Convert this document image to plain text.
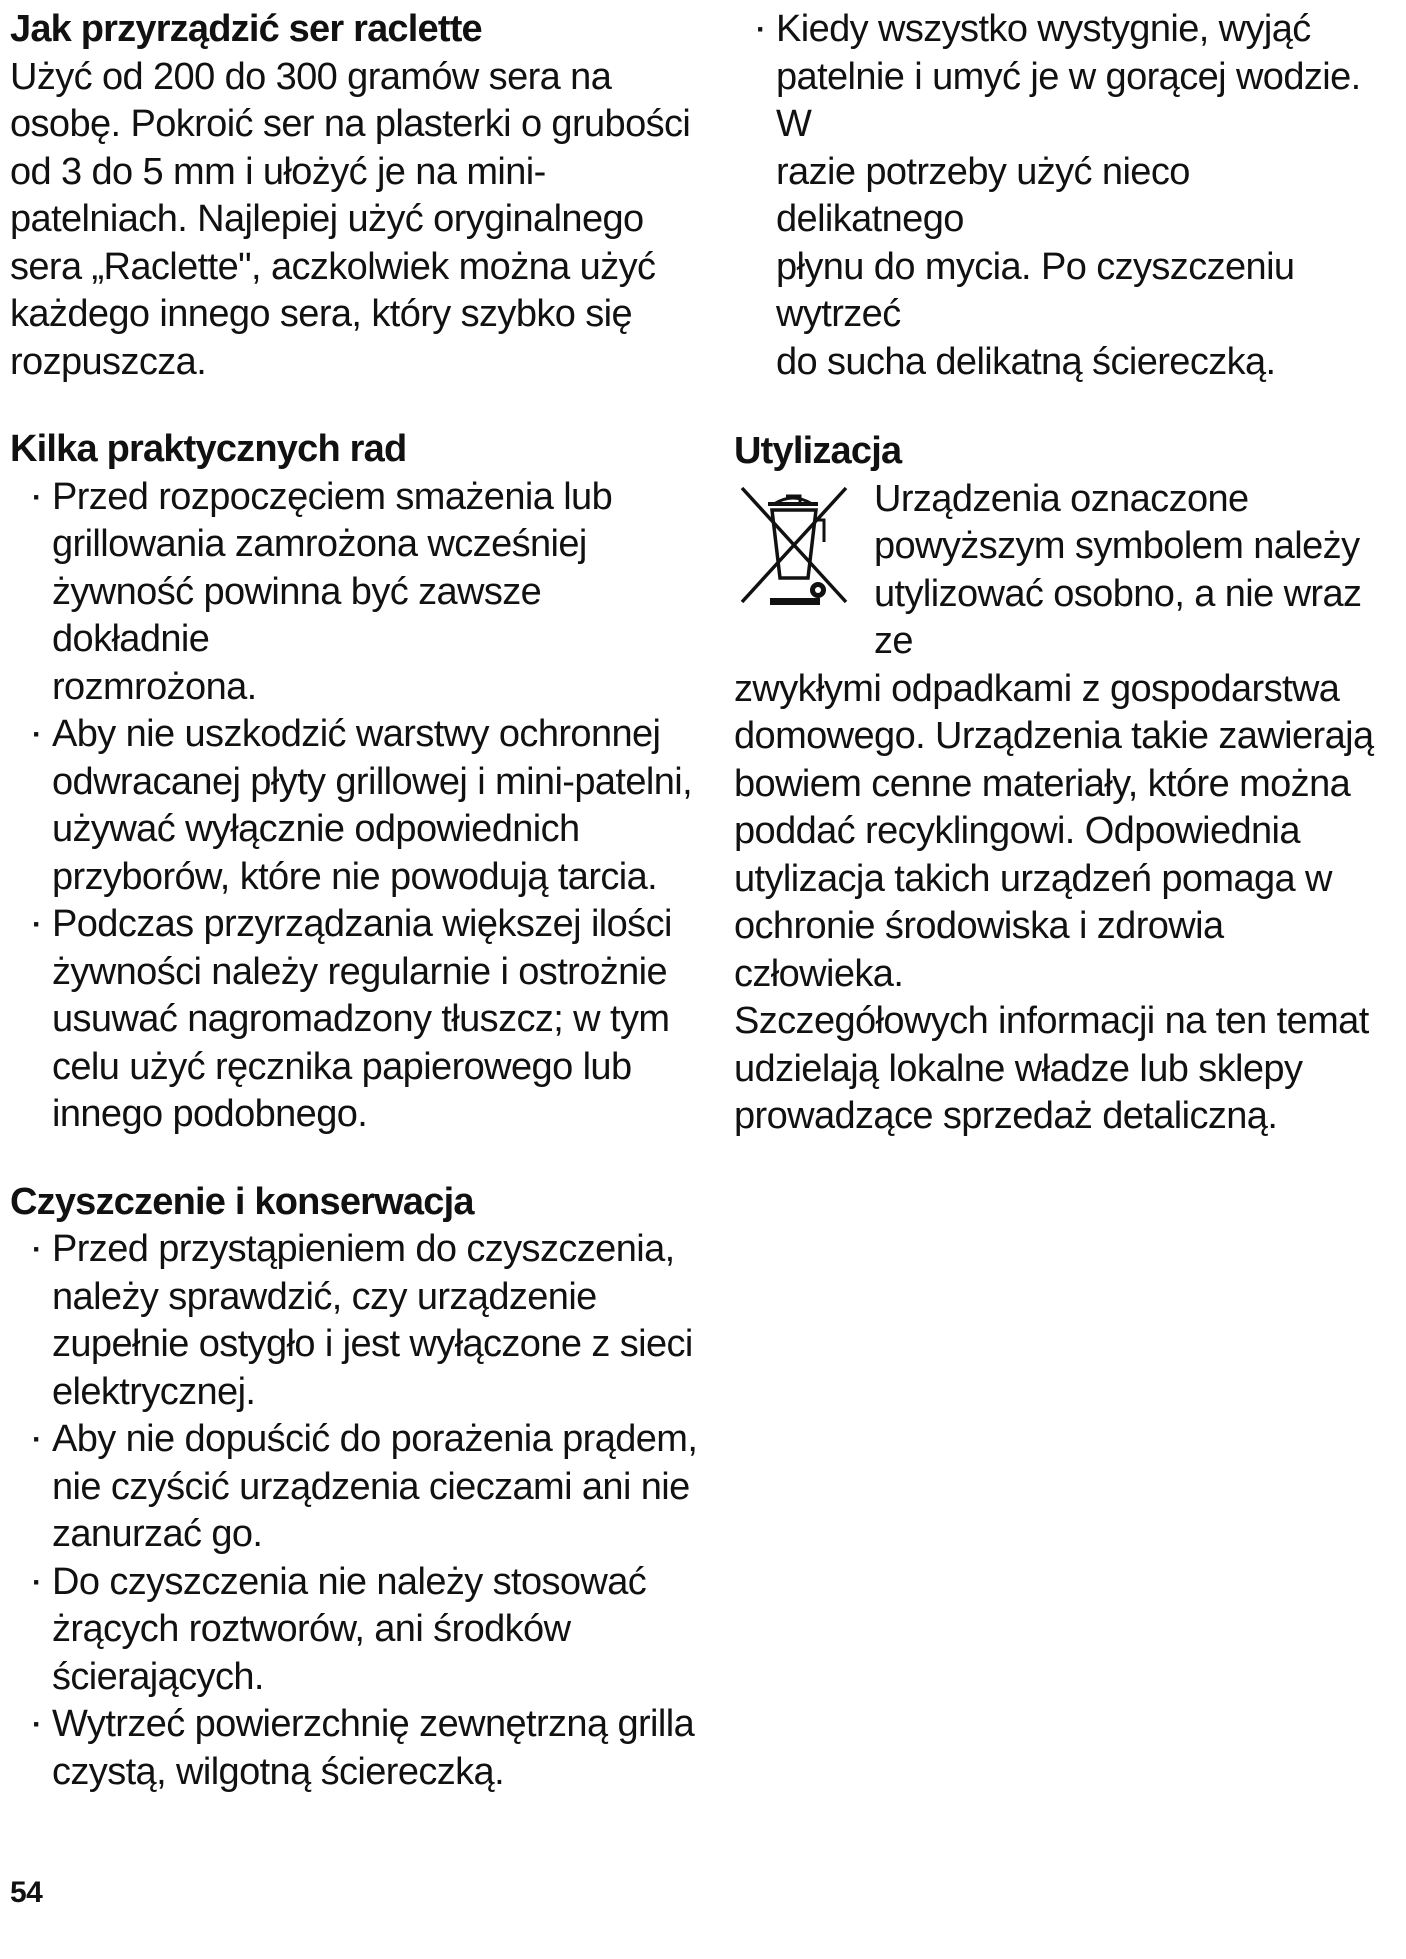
Jak przyrządzić ser raclette

Użyć od 200 do 300 gramów sera na
osobę. Pokroić ser na plasterki o grubości
od 3 do 5 mm i ułożyć je na mini-
patelniach. Najlepiej użyć oryginalnego
sera „Raclette", aczkolwiek można użyć
każdego innego sera, który szybko się
rozpuszcza.

Kilka praktycznych rad
· Przed rozpoczęciem smażenia lub
grillowania zamrożona wcześniej
żywność powinna być zawsze dokładnie
rozmrożona.
· Aby nie uszkodzić warstwy ochronnej
odwracanej płyty grillowej i mini-patelni,
używać wyłącznie odpowiednich
przyborów, które nie powodują tarcia.
· Podczas przyrządzania większej ilości
żywności należy regularnie i ostrożnie
usuwać nagromadzony tłuszcz; w tym
celu użyć ręcznika papierowego lub
innego podobnego.
Czyszczenie i konserwacja
· Przed przystąpieniem do czyszczenia,
należy sprawdzić, czy urządzenie
zupełnie ostygło i jest wyłączone z sieci
elektrycznej.
· Aby nie dopuścić do porażenia prądem,
nie czyścić urządzenia cieczami ani nie
zanurzać go.
· Do czyszczenia nie należy stosować
żrących roztworów, ani środków
ścierających.
· Wytrzeć powierzchnię zewnętrzną grilla
czystą, wilgotną ściereczką.
· Kiedy wszystko wystygnie, wyjąć
patelnie i umyć je w gorącej wodzie. W
razie potrzeby użyć nieco delikatnego
płynu do mycia. Po czyszczeniu wytrzeć
do sucha delikatną ściereczką.
Utylizacja
Urządzenia oznaczone
powyższym symbolem należy
utylizować osobno, a nie wraz ze

zwykłymi odpadkami z gospodarstwa
domowego. Urządzenia takie zawierają
bowiem cenne materiały, które można
poddać recyklingowi. Odpowiednia
utylizacja takich urządzeń pomaga w
ochronie środowiska i zdrowia człowieka.
Szczegółowych informacji na ten temat
udzielają lokalne władze lub sklepy
prowadzące sprzedaż detaliczną.

54
